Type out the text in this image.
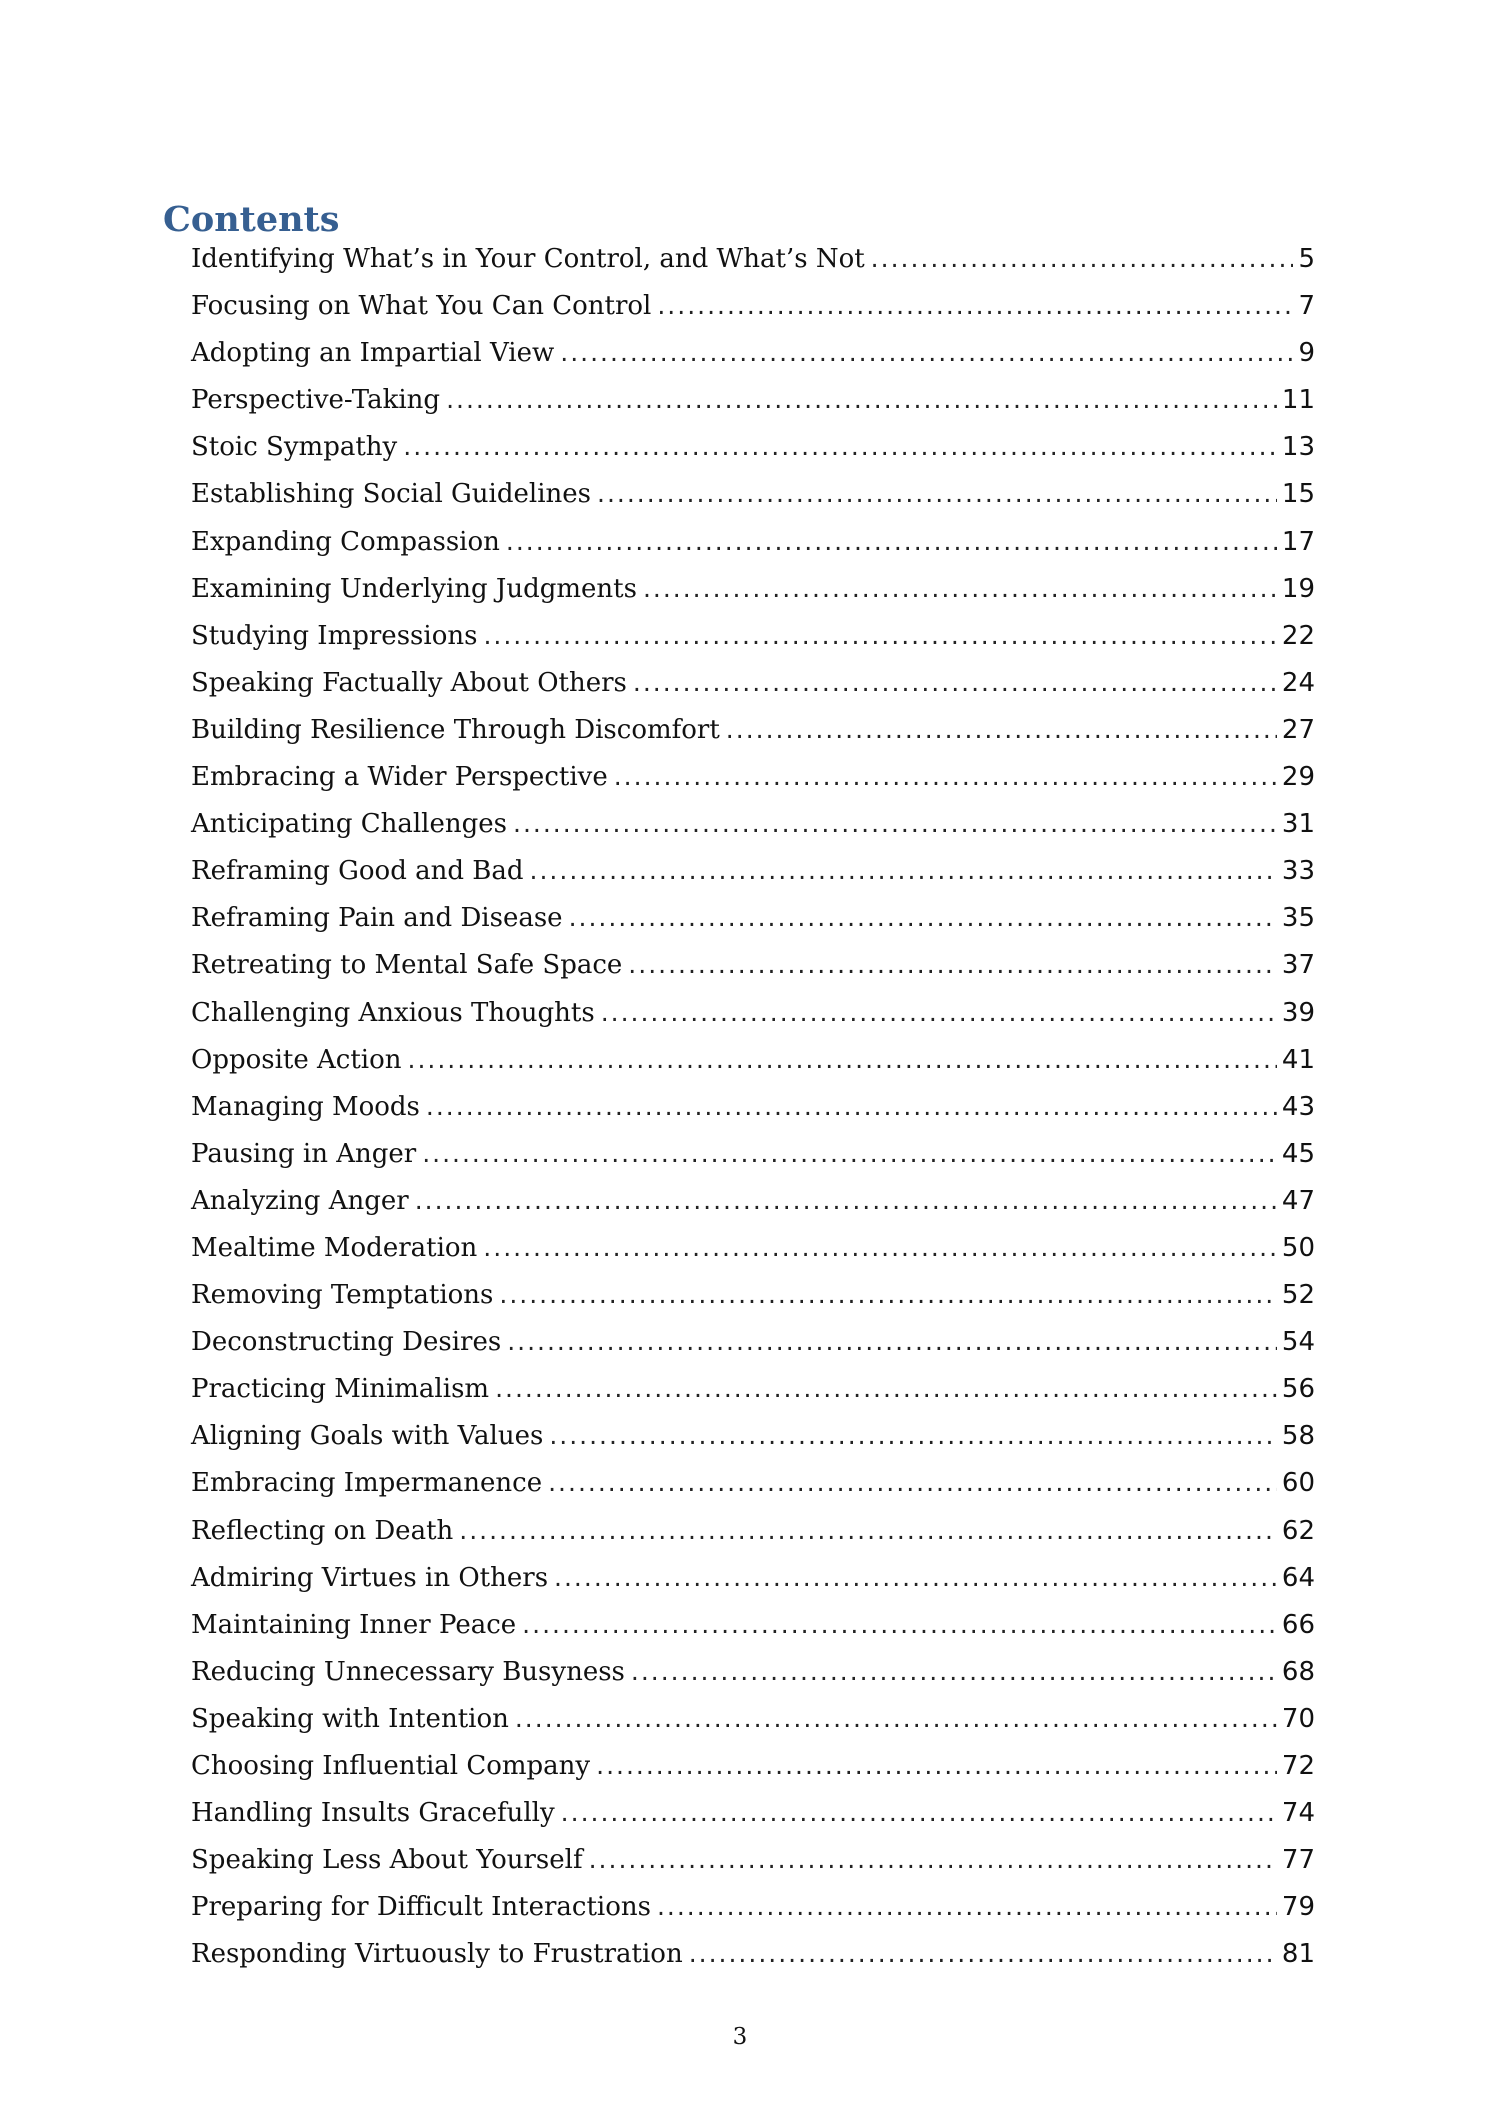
Contents
Identifying What’s in Your Control, and What’s Not .....	5
Focusing on What You Can Control .....	7
Adopting an Impartial View .....	9
Perspective-Taking .....	11
Stoic Sympathy .....	13
Establishing Social Guidelines .....	15
Expanding Compassion .....	17
Examining Underlying Judgments .....	19
Studying Impressions .....	22
Speaking Factually About Others .....	24
Building Resilience Through Discomfort .....	27
Embracing a Wider Perspective .....	29
Anticipating Challenges .....	31
Reframing Good and Bad .....	33
Reframing Pain and Disease .....	35
Retreating to Mental Safe Space .....	37
Challenging Anxious Thoughts .....	39
Opposite Action .....	41
Managing Moods .....	43
Pausing in Anger .....	45
Analyzing Anger .....	47
Mealtime Moderation .....	50
Removing Temptations .....	52
Deconstructing Desires .....	54
Practicing Minimalism .....	56
Aligning Goals with Values .....	58
Embracing Impermanence .....	60
Reflecting on Death .....	62
Admiring Virtues in Others .....	64
Maintaining Inner Peace .....	66
Reducing Unnecessary Busyness .....	68
Speaking with Intention .....	70
Choosing Influential Company .....	72
Handling Insults Gracefully .....	74
Speaking Less About Yourself .....	77
Preparing for Difficult Interactions .....	79
Responding Virtuously to Frustration .....	81
3
